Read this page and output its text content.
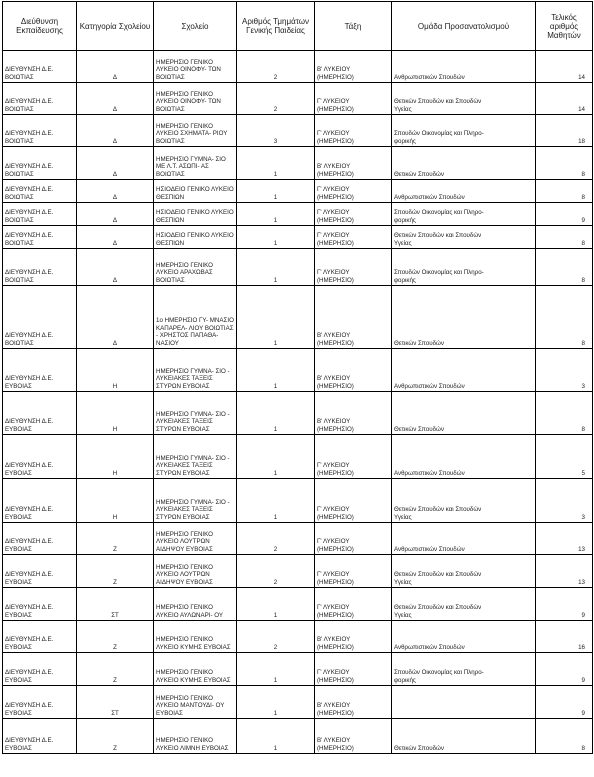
Διεύθυνση Εκπαίδευσης	Κατηγορία Σχολείου	Σχολείο	Αριθμός Τμημάτων Γενικής Παιδείας	Τάξη	Ομάδα Προσανατολισμού	Τελικός αριθμός Μαθητών
ΔΙΕΥΘΥΝΣΗ Δ.Ε.
ΒΟΙΩΤΙΑΣ	Δ	ΗΜΕΡΗΣΙΟ ΓΕΝΙΚΟ ΛΥΚΕΙΟ ΟΙΝΟΦΥ- ΤΩΝ ΒΟΙΩΤΙΑΣ	2	Β' ΛΥΚΕΙΟΥ
(ΗΜΕΡΗΣΙΟ)	Ανθρωπιστικών Σπουδών	14
ΔΙΕΥΘΥΝΣΗ Δ.Ε.
ΒΟΙΩΤΙΑΣ	Δ	ΗΜΕΡΗΣΙΟ ΓΕΝΙΚΟ ΛΥΚΕΙΟ ΟΙΝΟΦΥ- ΤΩΝ ΒΟΙΩΤΙΑΣ	2	Γ' ΛΥΚΕΙΟΥ
(ΗΜΕΡΗΣΙΟ)	Θετικών Σπουδών και Σπουδών
Υγείας	14
ΔΙΕΥΘΥΝΣΗ Δ.Ε.
ΒΟΙΩΤΙΑΣ	Δ	ΗΜΕΡΗΣΙΟ ΓΕΝΙΚΟ ΛΥΚΕΙΟ ΣΧΗΜΑΤΑ- ΡΙΟΥ ΒΟΙΩΤΙΑΣ	3	Γ' ΛΥΚΕΙΟΥ
(ΗΜΕΡΗΣΙΟ)	Σπουδών Οικονομίας και Πληρο-
φορικής	18
ΔΙΕΥΘΥΝΣΗ Δ.Ε.
ΒΟΙΩΤΙΑΣ	Δ	ΗΜΕΡΗΣΙΟ ΓΥΜΝΑ- ΣΙΟ ΜΕ Λ.Τ. ΑΣΩΠΙ- ΑΣ ΒΟΙΩΤΙΑΣ	1	Β' ΛΥΚΕΙΟΥ
(ΗΜΕΡΗΣΙΟ)	Θετικών Σπουδών	8
ΔΙΕΥΘΥΝΣΗ Δ.Ε.
ΒΟΙΩΤΙΑΣ	Δ	ΗΣΙΟΔΕΙΟ ΓΕΝΙΚΟ ΛΥΚΕΙΟ ΘΕΣΠΙΩΝ	1	Γ' ΛΥΚΕΙΟΥ
(ΗΜΕΡΗΣΙΟ)	Ανθρωπιστικών Σπουδών	8
ΔΙΕΥΘΥΝΣΗ Δ.Ε.
ΒΟΙΩΤΙΑΣ	Δ	ΗΣΙΟΔΕΙΟ ΓΕΝΙΚΟ ΛΥΚΕΙΟ ΘΕΣΠΙΩΝ	1	Γ' ΛΥΚΕΙΟΥ
(ΗΜΕΡΗΣΙΟ)	Σπουδών Οικονομίας και Πληρο-
φορικής	9
ΔΙΕΥΘΥΝΣΗ Δ.Ε.
ΒΟΙΩΤΙΑΣ	Δ	ΗΣΙΟΔΕΙΟ ΓΕΝΙΚΟ ΛΥΚΕΙΟ ΘΕΣΠΙΩΝ	1	Γ' ΛΥΚΕΙΟΥ
(ΗΜΕΡΗΣΙΟ)	Θετικών Σπουδών και Σπουδών
Υγείας	8
ΔΙΕΥΘΥΝΣΗ Δ.Ε.
ΒΟΙΩΤΙΑΣ	Δ	ΗΜΕΡΗΣΙΟ ΓΕΝΙΚΟ ΛΥΚΕΙΟ ΑΡΑΧΩΒΑΣ ΒΟΙΩΤΙΑΣ	1	Γ' ΛΥΚΕΙΟΥ
(ΗΜΕΡΗΣΙΟ)	Σπουδών Οικονομίας και Πληρο-
φορικής	8
ΔΙΕΥΘΥΝΣΗ Δ.Ε.
ΒΟΙΩΤΙΑΣ	Δ	1ο ΗΜΕΡΗΣΙΟ ΓΥ- ΜΝΑΣΙΟ ΚΑΠΑΡΕΛ- ΛΙΟΥ ΒΟΙΩΤΙΑΣ - ΧΡΗΣΤΟΣ ΠΑΠΑΘΑ- ΝΑΣΙΟΥ	1	Β' ΛΥΚΕΙΟΥ
(ΗΜΕΡΗΣΙΟ)	Θετικών Σπουδών	8
ΔΙΕΥΘΥΝΣΗ Δ.Ε.
ΕΥΒΟΙΑΣ	Η	ΗΜΕΡΗΣΙΟ ΓΥΜΝΑ- ΣΙΟ - ΛΥΚΕΙΑΚΕΣ ΤΑΞΕΙΣ ΣΤΥΡΩΝ ΕΥΒΟΙΑΣ	1	Β' ΛΥΚΕΙΟΥ
(ΗΜΕΡΗΣΙΟ)	Ανθρωπιστικών Σπουδών	3
ΔΙΕΥΘΥΝΣΗ Δ.Ε.
ΕΥΒΟΙΑΣ	Η	ΗΜΕΡΗΣΙΟ ΓΥΜΝΑ- ΣΙΟ - ΛΥΚΕΙΑΚΕΣ ΤΑΞΕΙΣ ΣΤΥΡΩΝ ΕΥΒΟΙΑΣ	1	Β' ΛΥΚΕΙΟΥ
(ΗΜΕΡΗΣΙΟ)	Θετικών Σπουδών	8
ΔΙΕΥΘΥΝΣΗ Δ.Ε.
ΕΥΒΟΙΑΣ	Η	ΗΜΕΡΗΣΙΟ ΓΥΜΝΑ- ΣΙΟ - ΛΥΚΕΙΑΚΕΣ ΤΑΞΕΙΣ ΣΤΥΡΩΝ ΕΥΒΟΙΑΣ	1	Γ' ΛΥΚΕΙΟΥ
(ΗΜΕΡΗΣΙΟ)	Ανθρωπιστικών Σπουδών	5
ΔΙΕΥΘΥΝΣΗ Δ.Ε.
ΕΥΒΟΙΑΣ	Η	ΗΜΕΡΗΣΙΟ ΓΥΜΝΑ- ΣΙΟ - ΛΥΚΕΙΑΚΕΣ ΤΑΞΕΙΣ ΣΤΥΡΩΝ ΕΥΒΟΙΑΣ	1	Γ' ΛΥΚΕΙΟΥ
(ΗΜΕΡΗΣΙΟ)	Θετικών Σπουδών και Σπουδών
Υγείας	3
ΔΙΕΥΘΥΝΣΗ Δ.Ε.
ΕΥΒΟΙΑΣ	Ζ	ΗΜΕΡΗΣΙΟ ΓΕΝΙΚΟ ΛΥΚΕΙΟ ΛΟΥΤΡΩΝ ΑΙΔΗΨΟΥ ΕΥΒΟΙΑΣ	2	Γ' ΛΥΚΕΙΟΥ
(ΗΜΕΡΗΣΙΟ)	Ανθρωπιστικών Σπουδών	13
ΔΙΕΥΘΥΝΣΗ Δ.Ε.
ΕΥΒΟΙΑΣ	Ζ	ΗΜΕΡΗΣΙΟ ΓΕΝΙΚΟ ΛΥΚΕΙΟ ΛΟΥΤΡΩΝ ΑΙΔΗΨΟΥ ΕΥΒΟΙΑΣ	2	Γ' ΛΥΚΕΙΟΥ
(ΗΜΕΡΗΣΙΟ)	Θετικών Σπουδών και Σπουδών
Υγείας	13
ΔΙΕΥΘΥΝΣΗ Δ.Ε.
ΕΥΒΟΙΑΣ	ΣΤ	ΗΜΕΡΗΣΙΟ ΓΕΝΙΚΟ ΛΥΚΕΙΟ ΑΥΛΩΝΑΡΙ- ΟΥ	1	Γ' ΛΥΚΕΙΟΥ
(ΗΜΕΡΗΣΙΟ)	Θετικών Σπουδών και Σπουδών
Υγείας	9
ΔΙΕΥΘΥΝΣΗ Δ.Ε.
ΕΥΒΟΙΑΣ	Ζ	ΗΜΕΡΗΣΙΟ ΓΕΝΙΚΟ ΛΥΚΕΙΟ ΚΥΜΗΣ ΕΥΒΟΙΑΣ	2	Β' ΛΥΚΕΙΟΥ
(ΗΜΕΡΗΣΙΟ)	Ανθρωπιστικών Σπουδών	16
ΔΙΕΥΘΥΝΣΗ Δ.Ε.
ΕΥΒΟΙΑΣ	Ζ	ΗΜΕΡΗΣΙΟ ΓΕΝΙΚΟ ΛΥΚΕΙΟ ΚΥΜΗΣ ΕΥΒΟΙΑΣ	1	Γ' ΛΥΚΕΙΟΥ
(ΗΜΕΡΗΣΙΟ)	Σπουδών Οικονομίας και Πληρο-
φορικής	9
ΔΙΕΥΘΥΝΣΗ Δ.Ε.
ΕΥΒΟΙΑΣ	ΣΤ	ΗΜΕΡΗΣΙΟ ΓΕΝΙΚΟ ΛΥΚΕΙΟ ΜΑΝΤΟΥΔΙ- ΟΥ ΕΥΒΟΙΑΣ	1	Β' ΛΥΚΕΙΟΥ
(ΗΜΕΡΗΣΙΟ)		9
ΔΙΕΥΘΥΝΣΗ Δ.Ε.
ΕΥΒΟΙΑΣ	Ζ	ΗΜΕΡΗΣΙΟ ΓΕΝΙΚΟ ΛΥΚΕΙΟ ΛΙΜΝΗ ΕΥΒΟΙΑΣ	1	Β' ΛΥΚΕΙΟΥ
(ΗΜΕΡΗΣΙΟ)	Θετικών Σπουδών	8
